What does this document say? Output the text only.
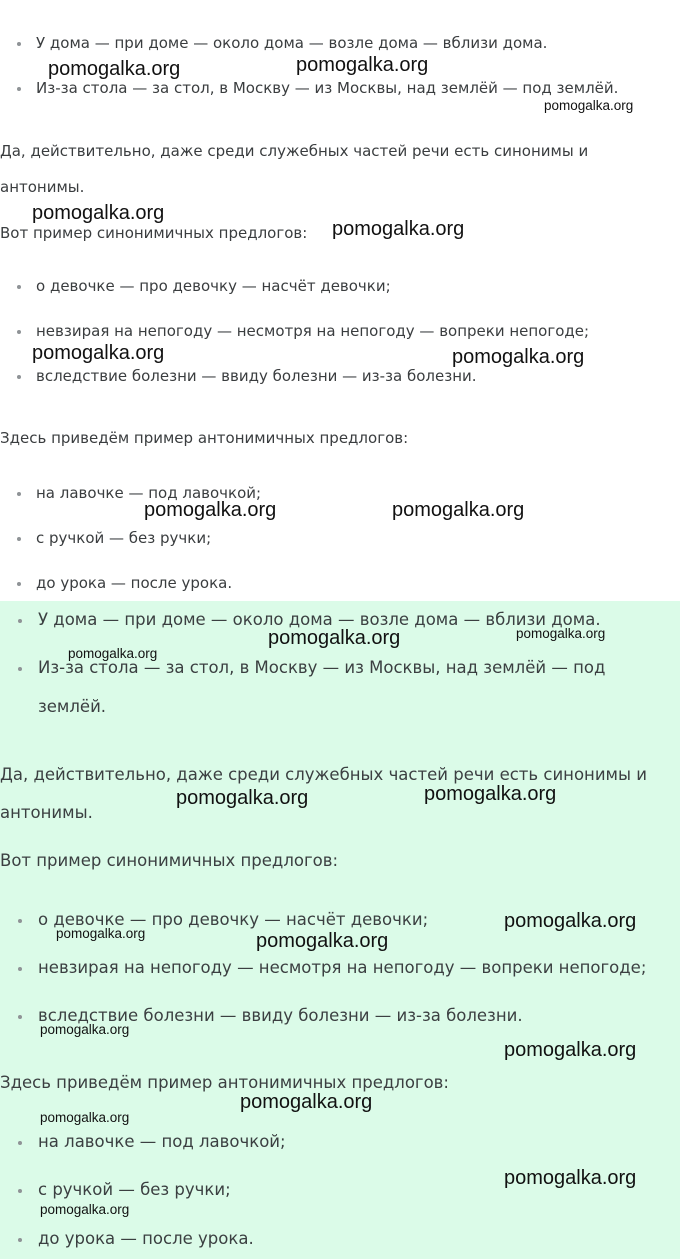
У дома — при доме — около дома — возле дома — вблизи дома.
Из-за стола — за стол, в Москву — из Москвы, над землёй — под землёй.
Да, действительно, даже среди служебных частей речи есть синонимы и
антонимы.
Вот пример синонимичных предлогов:
о девочке — про девочку — насчёт девочки;
невзирая на непогоду — несмотря на непогоду — вопреки непогоде;
вследствие болезни — ввиду болезни — из-за болезни.
Здесь приведём пример антонимичных предлогов:
на лавочке — под лавочкой;
с ручкой — без ручки;
до урока — после урока.
У дома — при доме — около дома — возле дома — вблизи дома.
Из-за стола — за стол, в Москву — из Москвы, над землёй — под
землёй.
Да, действительно, даже среди служебных частей речи есть синонимы и
антонимы.
Вот пример синонимичных предлогов:
о девочке — про девочку — насчёт девочки;
невзирая на непогоду — несмотря на непогоду — вопреки непогоде;
вследствие болезни — ввиду болезни — из-за болезни.
Здесь приведём пример антонимичных предлогов:
на лавочке — под лавочкой;
с ручкой — без ручки;
до урока — после урока.
pomogalka.org	pomogalka.org
pomogalka.org
pomogalka.org
pomogalka.org
pomogalka.org	pomogalka.org
pomogalka.org	pomogalka.org
pomogalka.org	pomogalka.org
pomogalka.org
pomogalka.org	pomogalka.org
pomogalka.org
pomogalka.org	pomogalka.org
pomogalka.org
pomogalka.org
pomogalka.org
pomogalka.org
pomogalka.org
pomogalka.org
